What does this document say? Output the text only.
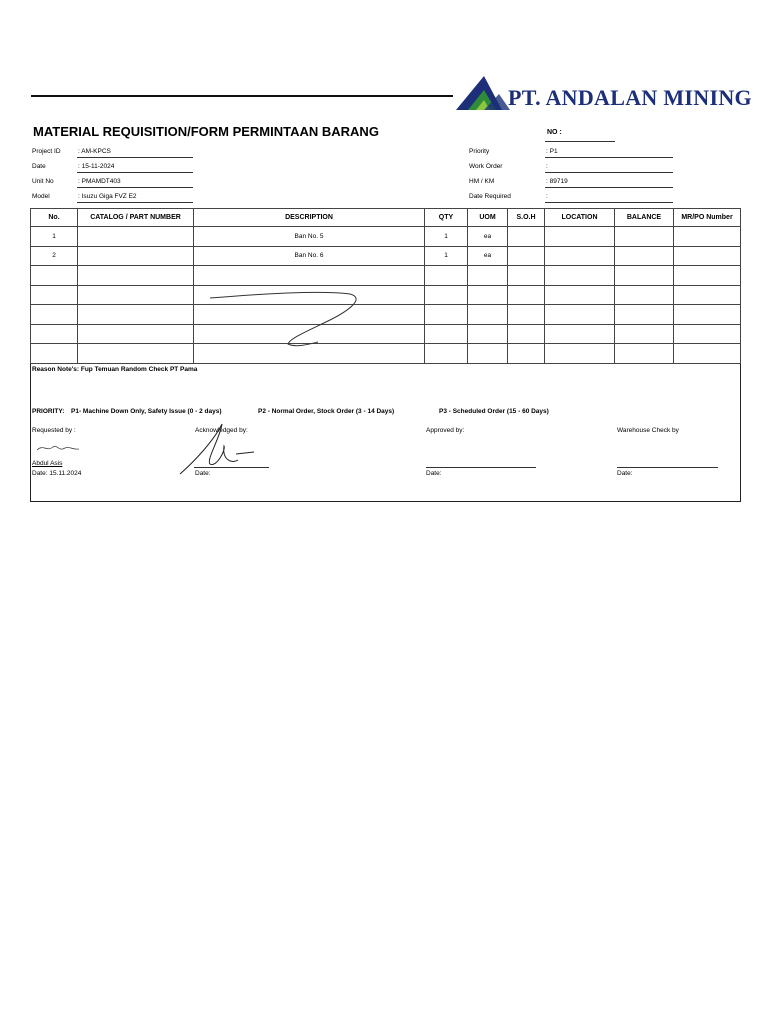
PT. ANDALAN MINING
MATERIAL REQUISITION/FORM PERMINTAAN BARANG	NO :
Project ID	: AM-KPCS
Date	: 15-11-2024
Unit No	: PMAMDT403
Model	: Isuzu Giga FVZ E2
Priority	: P1
Work Order	:
HM / KM	: 89719
Date Required	:
No.	CATALOG / PART NUMBER	DESCRIPTION	QTY	UOM	S.O.H	LOCATION	BALANCE	MR/PO Number
1		Ban No. 5	1	ea				
2		Ban No. 6	1	ea				

Reason Note's: Fup Temuan Random Check PT Pama
PRIORITY: P1- Machine Down Only, Safety Issue (0 - 2 days)	P2 - Normal Order, Stock Order (3 - 14 Days)	P3 - Scheduled Order (15 - 60 Days)
Requested by :
Abdul Asis
Date: 15.11.2024
Acknowledged by:
Date:
Approved by:
Date:
Warehouse Check by
Date:
